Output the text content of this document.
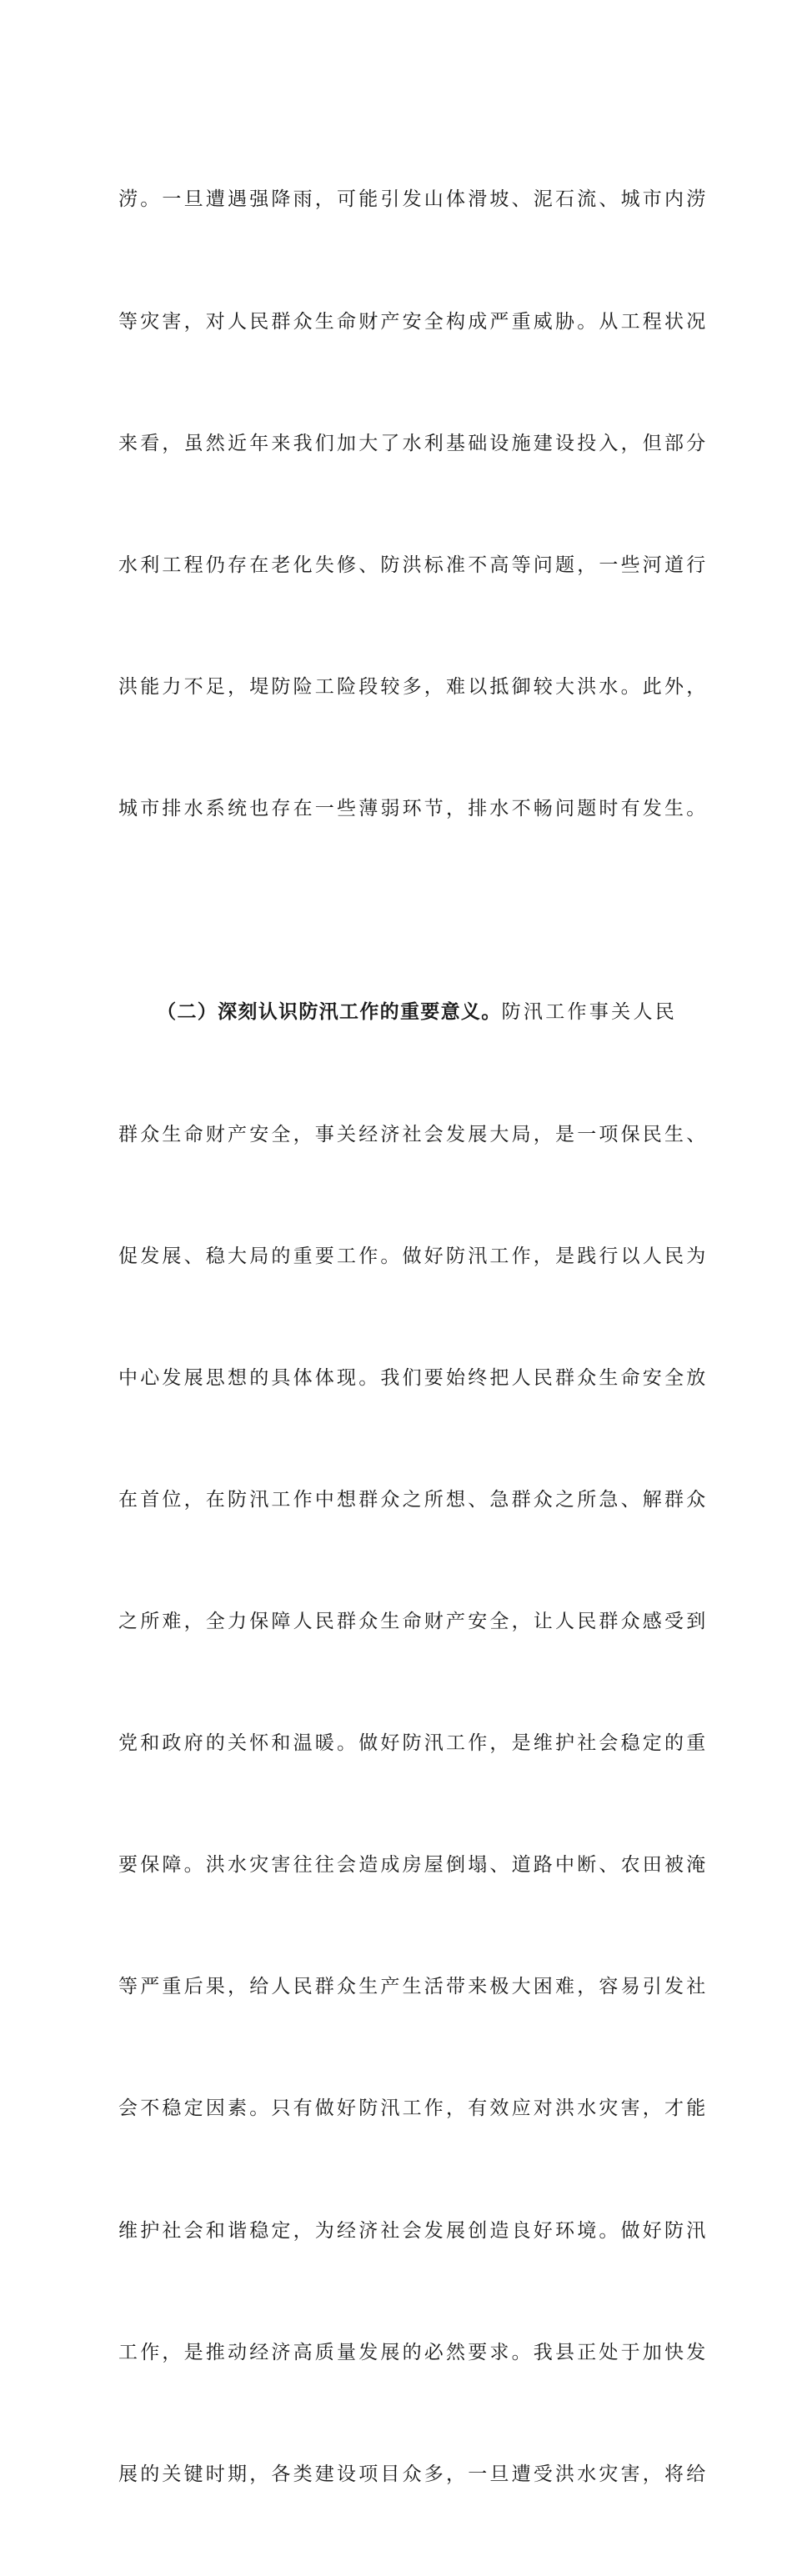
涝。一旦遭遇强降雨，可能引发山体滑坡、泥石流、城市内涝

等灾害，对人民群众生命财产安全构成严重威胁。从工程状况

来看，虽然近年来我们加大了水利基础设施建设投入，但部分

水利工程仍存在老化失修、防洪标准不高等问题，一些河道行

洪能力不足，堤防险工险段较多，难以抵御较大洪水。此外，

城市排水系统也存在一些薄弱环节，排水不畅问题时有发生。

（二）深刻认识防汛工作的重要意义。防汛工作事关人民

群众生命财产安全，事关经济社会发展大局，是一项保民生、

促发展、稳大局的重要工作。做好防汛工作，是践行以人民为

中心发展思想的具体体现。我们要始终把人民群众生命安全放

在首位，在防汛工作中想群众之所想、急群众之所急、解群众

之所难，全力保障人民群众生命财产安全，让人民群众感受到

党和政府的关怀和温暖。做好防汛工作，是维护社会稳定的重

要保障。洪水灾害往往会造成房屋倒塌、道路中断、农田被淹

等严重后果，给人民群众生产生活带来极大困难，容易引发社

会不稳定因素。只有做好防汛工作，有效应对洪水灾害，才能

维护社会和谐稳定，为经济社会发展创造良好环境。做好防汛

工作，是推动经济高质量发展的必然要求。我县正处于加快发

展的关键时期，各类建设项目众多，一旦遭受洪水灾害，将给
